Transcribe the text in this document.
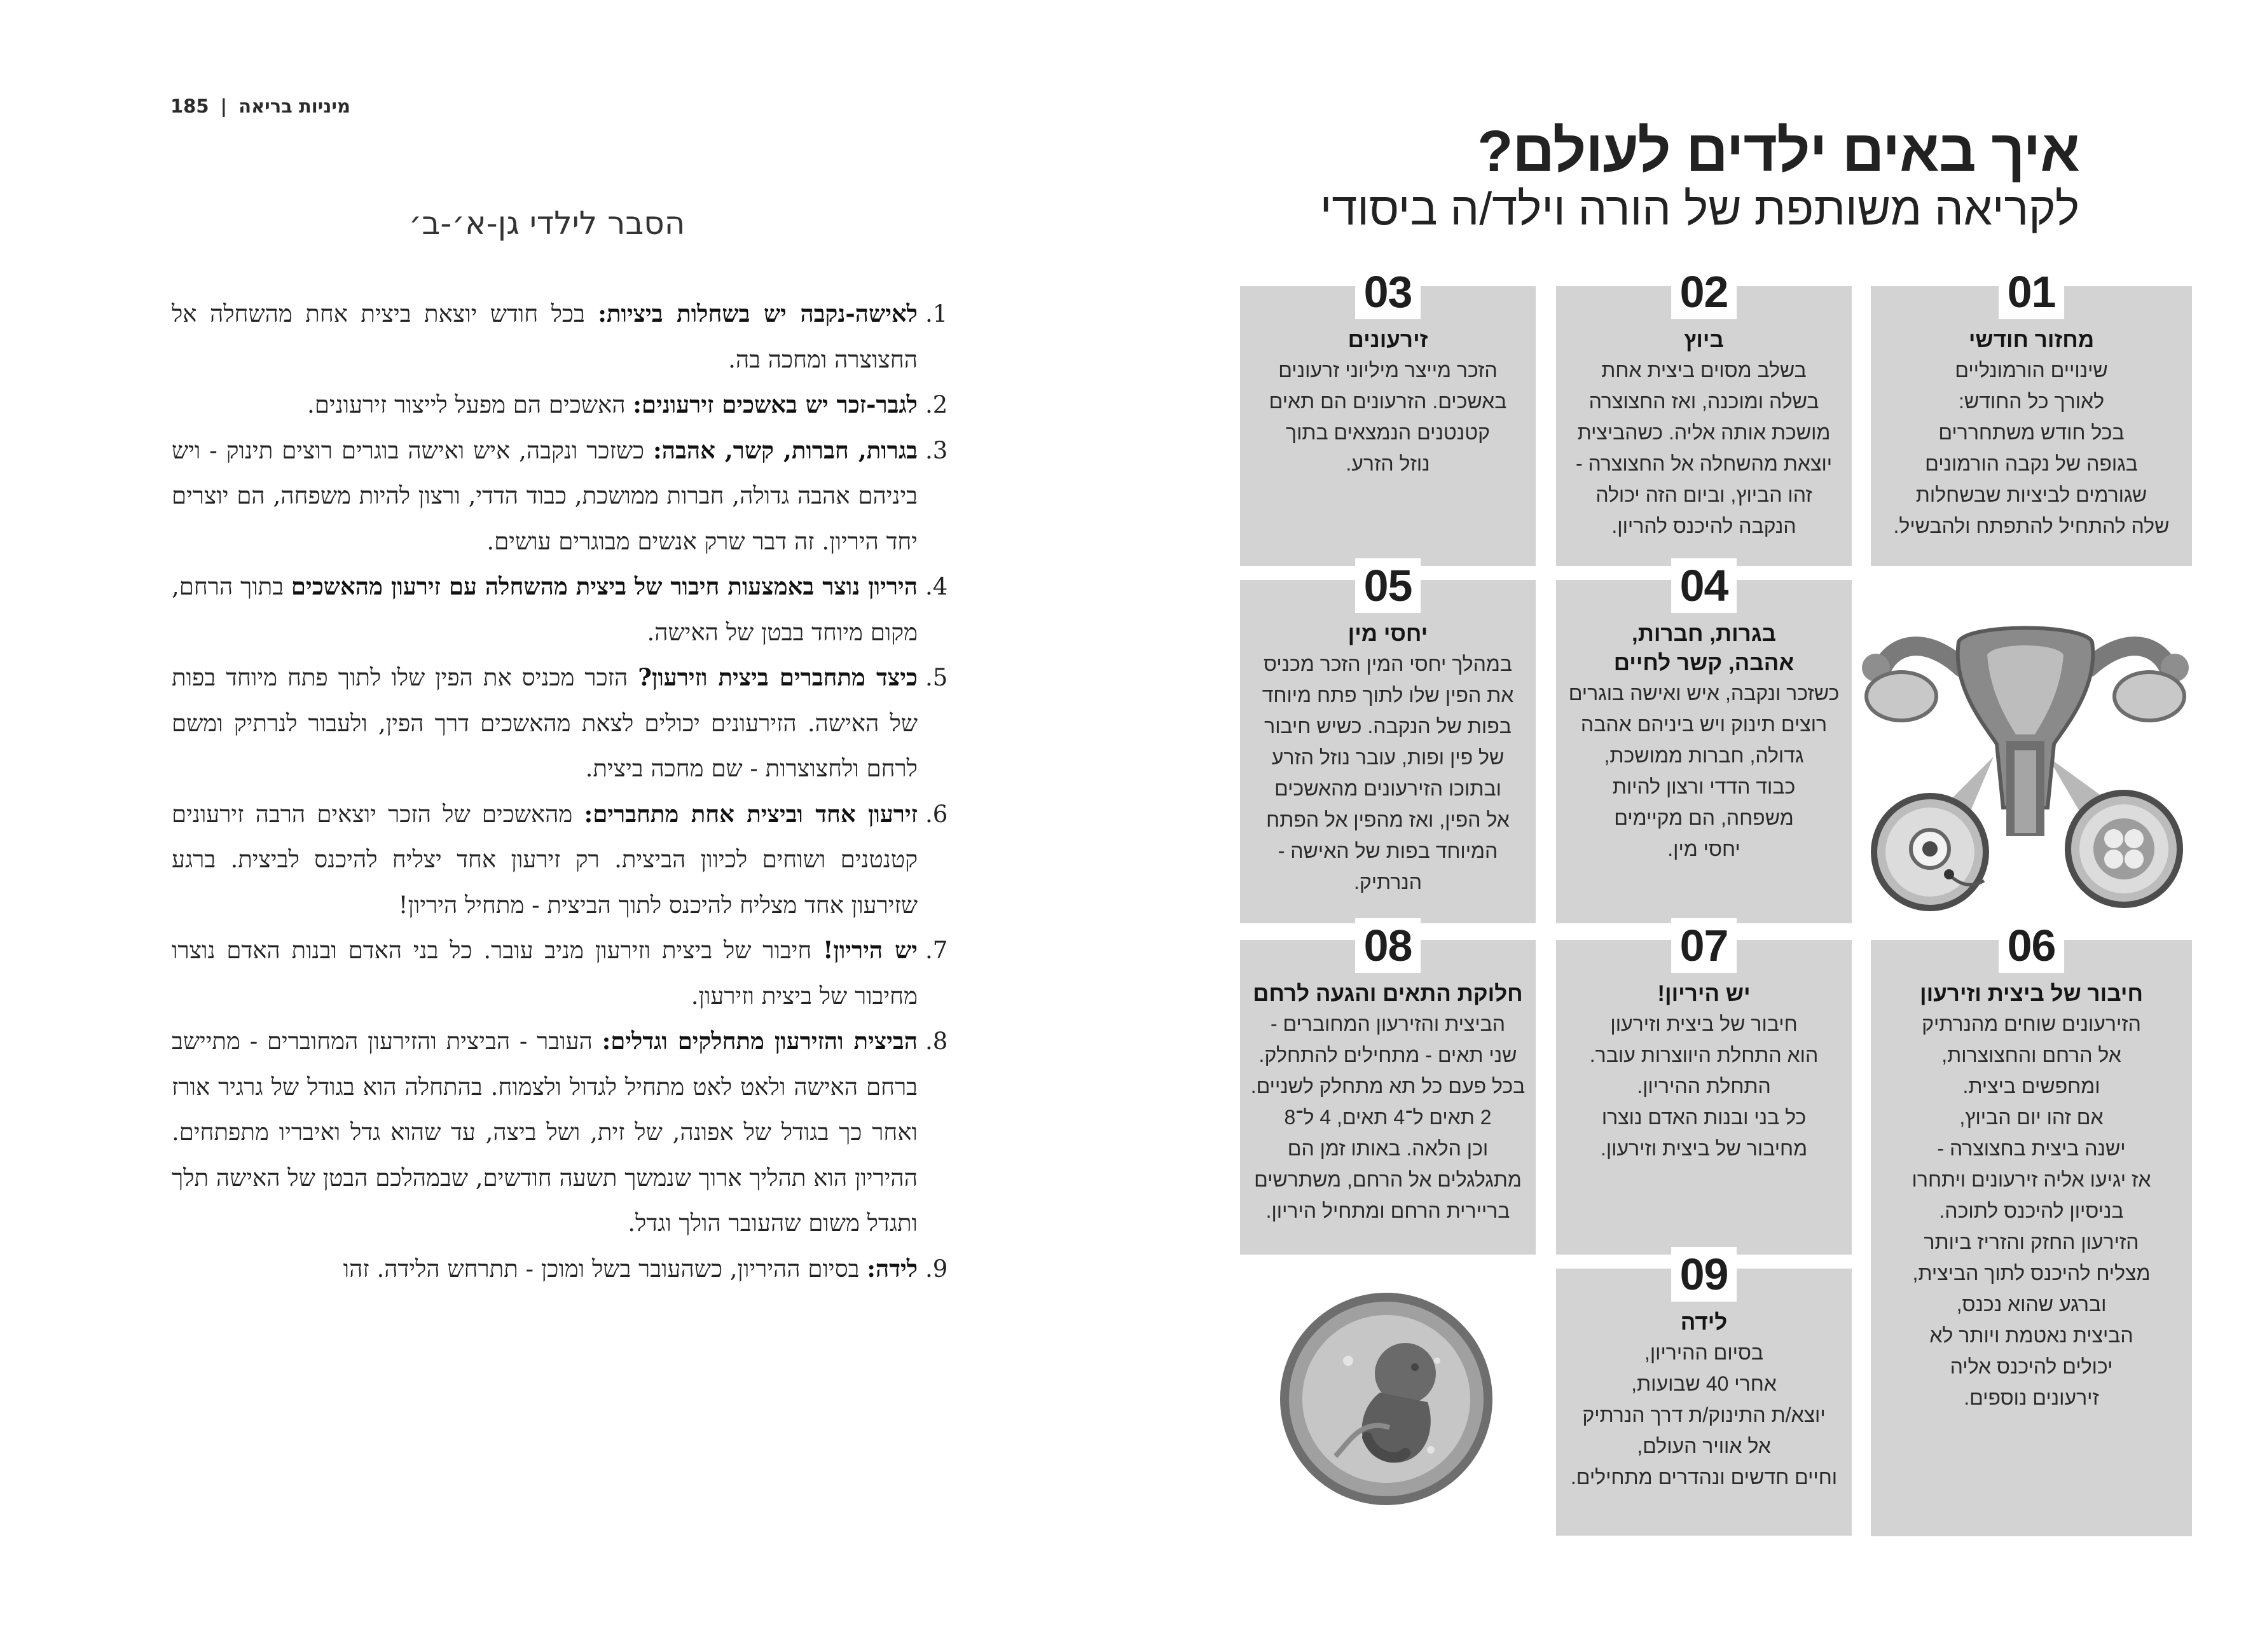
185 | מיניות בריאה
הסבר לילדי גן-א׳-ב׳

.1
לאישה-נקבה יש בשחלות ביציות: בכל חודש יוצאת ביצית אחת מהשחלה אל החצוצרה ומחכה בה.

.2
לגבר-זכר יש באשכים זירעונים: האשכים הם מפעל לייצור זירעונים.

.3
בגרות, חברות, קשר, אהבה: כשזכר ונקבה, איש ואישה בוגרים רוצים תינוק - ויש ביניהם אהבה גדולה, חברות ממושכת, כבוד הדדי, ורצון להיות משפחה, הם יוצרים יחד היריון. זה דבר שרק אנשים מבוגרים עושים.

.4
היריון נוצר באמצעות חיבור של ביצית מהשחלה עם זירעון מהאשכים בתוך הרחם, מקום מיוחד בבטן של האישה.

.5
כיצד מתחברים ביצית וזירעון? הזכר מכניס את הפין שלו לתוך פתח מיוחד בפות של האישה. הזירעונים יכולים לצאת מהאשכים דרך הפין, ולעבור לנרתיק ומשם לרחם ולחצוצרות - שם מחכה ביצית.

.6
זירעון אחד וביצית אחת מתחברים: מהאשכים של הזכר יוצאים הרבה זירעונים קטנטנים ושוחים לכיוון הביצית. רק זירעון אחד יצליח להיכנס לביצית. ברגע שזירעון אחד מצליח להיכנס לתוך הביצית - מתחיל היריון!

.7
יש היריון! חיבור של ביצית וזירעון מניב עובר. כל בני האדם ובנות האדם נוצרו מחיבור של ביצית וזירעון.

.8
הביצית והזירעון מתחלקים וגדלים: העובר - הביצית והזירעון המחוברים - מתיישב ברחם האישה ולאט לאט מתחיל לגדול ולצמוח. בהתחלה הוא בגודל של גרגיר אורז ואחר כך בגודל של אפונה, של זית, ושל ביצה, עד שהוא גדל ואיבריו מתפתחים. ההיריון הוא תהליך ארוך שנמשך תשעה חודשים, שבמהלכם הבטן של האישה תלך ותגדל משום שהעובר הולך וגדל.

.9
לידה: בסיום ההיריון, כשהעובר בשל ומוכן - תתרחש הלידה. זהו

איך באים ילדים לעולם?
לקריאה משותפת של הורה וילד/ה ביסודי
01
מחזור חודשי
שינויים הורמונליים
לאורך כל החודש:
בכל חודש משתחררים
בגופה של נקבה הורמונים
שגורמים לביציות שבשחלות
שלה להתחיל להתפתח ולהבשיל.
02
ביוץ
בשלב מסוים ביצית אחת
בשלה ומוכנה, ואז החצוצרה
מושכת אותה אליה. כשהביצית
יוצאת מהשחלה אל החצוצרה -
זהו הביוץ, וביום הזה יכולה
הנקבה להיכנס להריון.
03
זירעונים
הזכר מייצר מיליוני זרעונים
באשכים. הזרעונים הם תאים
קטנטנים הנמצאים בתוך
נוזל הזרע.
04
בגרות, חברות,
אהבה, קשר לחיים
כשזכר ונקבה, איש ואישה בוגרים
רוצים תינוק ויש ביניהם אהבה
גדולה, חברות ממושכת,
כבוד הדדי ורצון להיות
משפחה, הם מקיימים
יחסי מין.
05
יחסי מין
במהלך יחסי המין הזכר מכניס
את הפין שלו לתוך פתח מיוחד
בפות של הנקבה. כשיש חיבור
של פין ופות, עובר נוזל הזרע
ובתוכו הזירעונים מהאשכים
אל הפין, ואז מהפין אל הפתח
המיוחד בפות של האישה -
הנרתיק.
06
חיבור של ביצית וזירעון
הזירעונים שוחים מהנרתיק
אל הרחם והחצוצרות,
ומחפשים ביצית.
אם זהו יום הביוץ,
ישנה ביצית בחצוצרה -
אז יגיעו אליה זירעונים ויתחרו
בניסיון להיכנס לתוכה.
הזירעון החזק והזריז ביותר
מצליח להיכנס לתוך הביצית,
וברגע שהוא נכנס,
הביצית נאטמת ויותר לא
יכולים להיכנס אליה
זירעונים נוספים.
07
יש היריון!
חיבור של ביצית וזירעון
הוא התחלת היווצרות עובר.
התחלת ההיריון.
כל בני ובנות האדם נוצרו
מחיבור של ביצית וזירעון.
08
חלוקת התאים והגעה לרחם
הביצית והזירעון המחוברים -
שני תאים - מתחילים להתחלק.
בכל פעם כל תא מתחלק לשניים.
2 תאים ל־4 תאים, 4 ל־8
וכן הלאה. באותו זמן הם
מתגלגלים אל הרחם, משתרשים
בריירית הרחם ומתחיל היריון.
09
לידה
בסיום ההיריון,
אחרי 40 שבועות,
יוצא/ת התינוק/ת דרך הנרתיק
אל אוויר העולם,
וחיים חדשים ונהדרים מתחילים.
